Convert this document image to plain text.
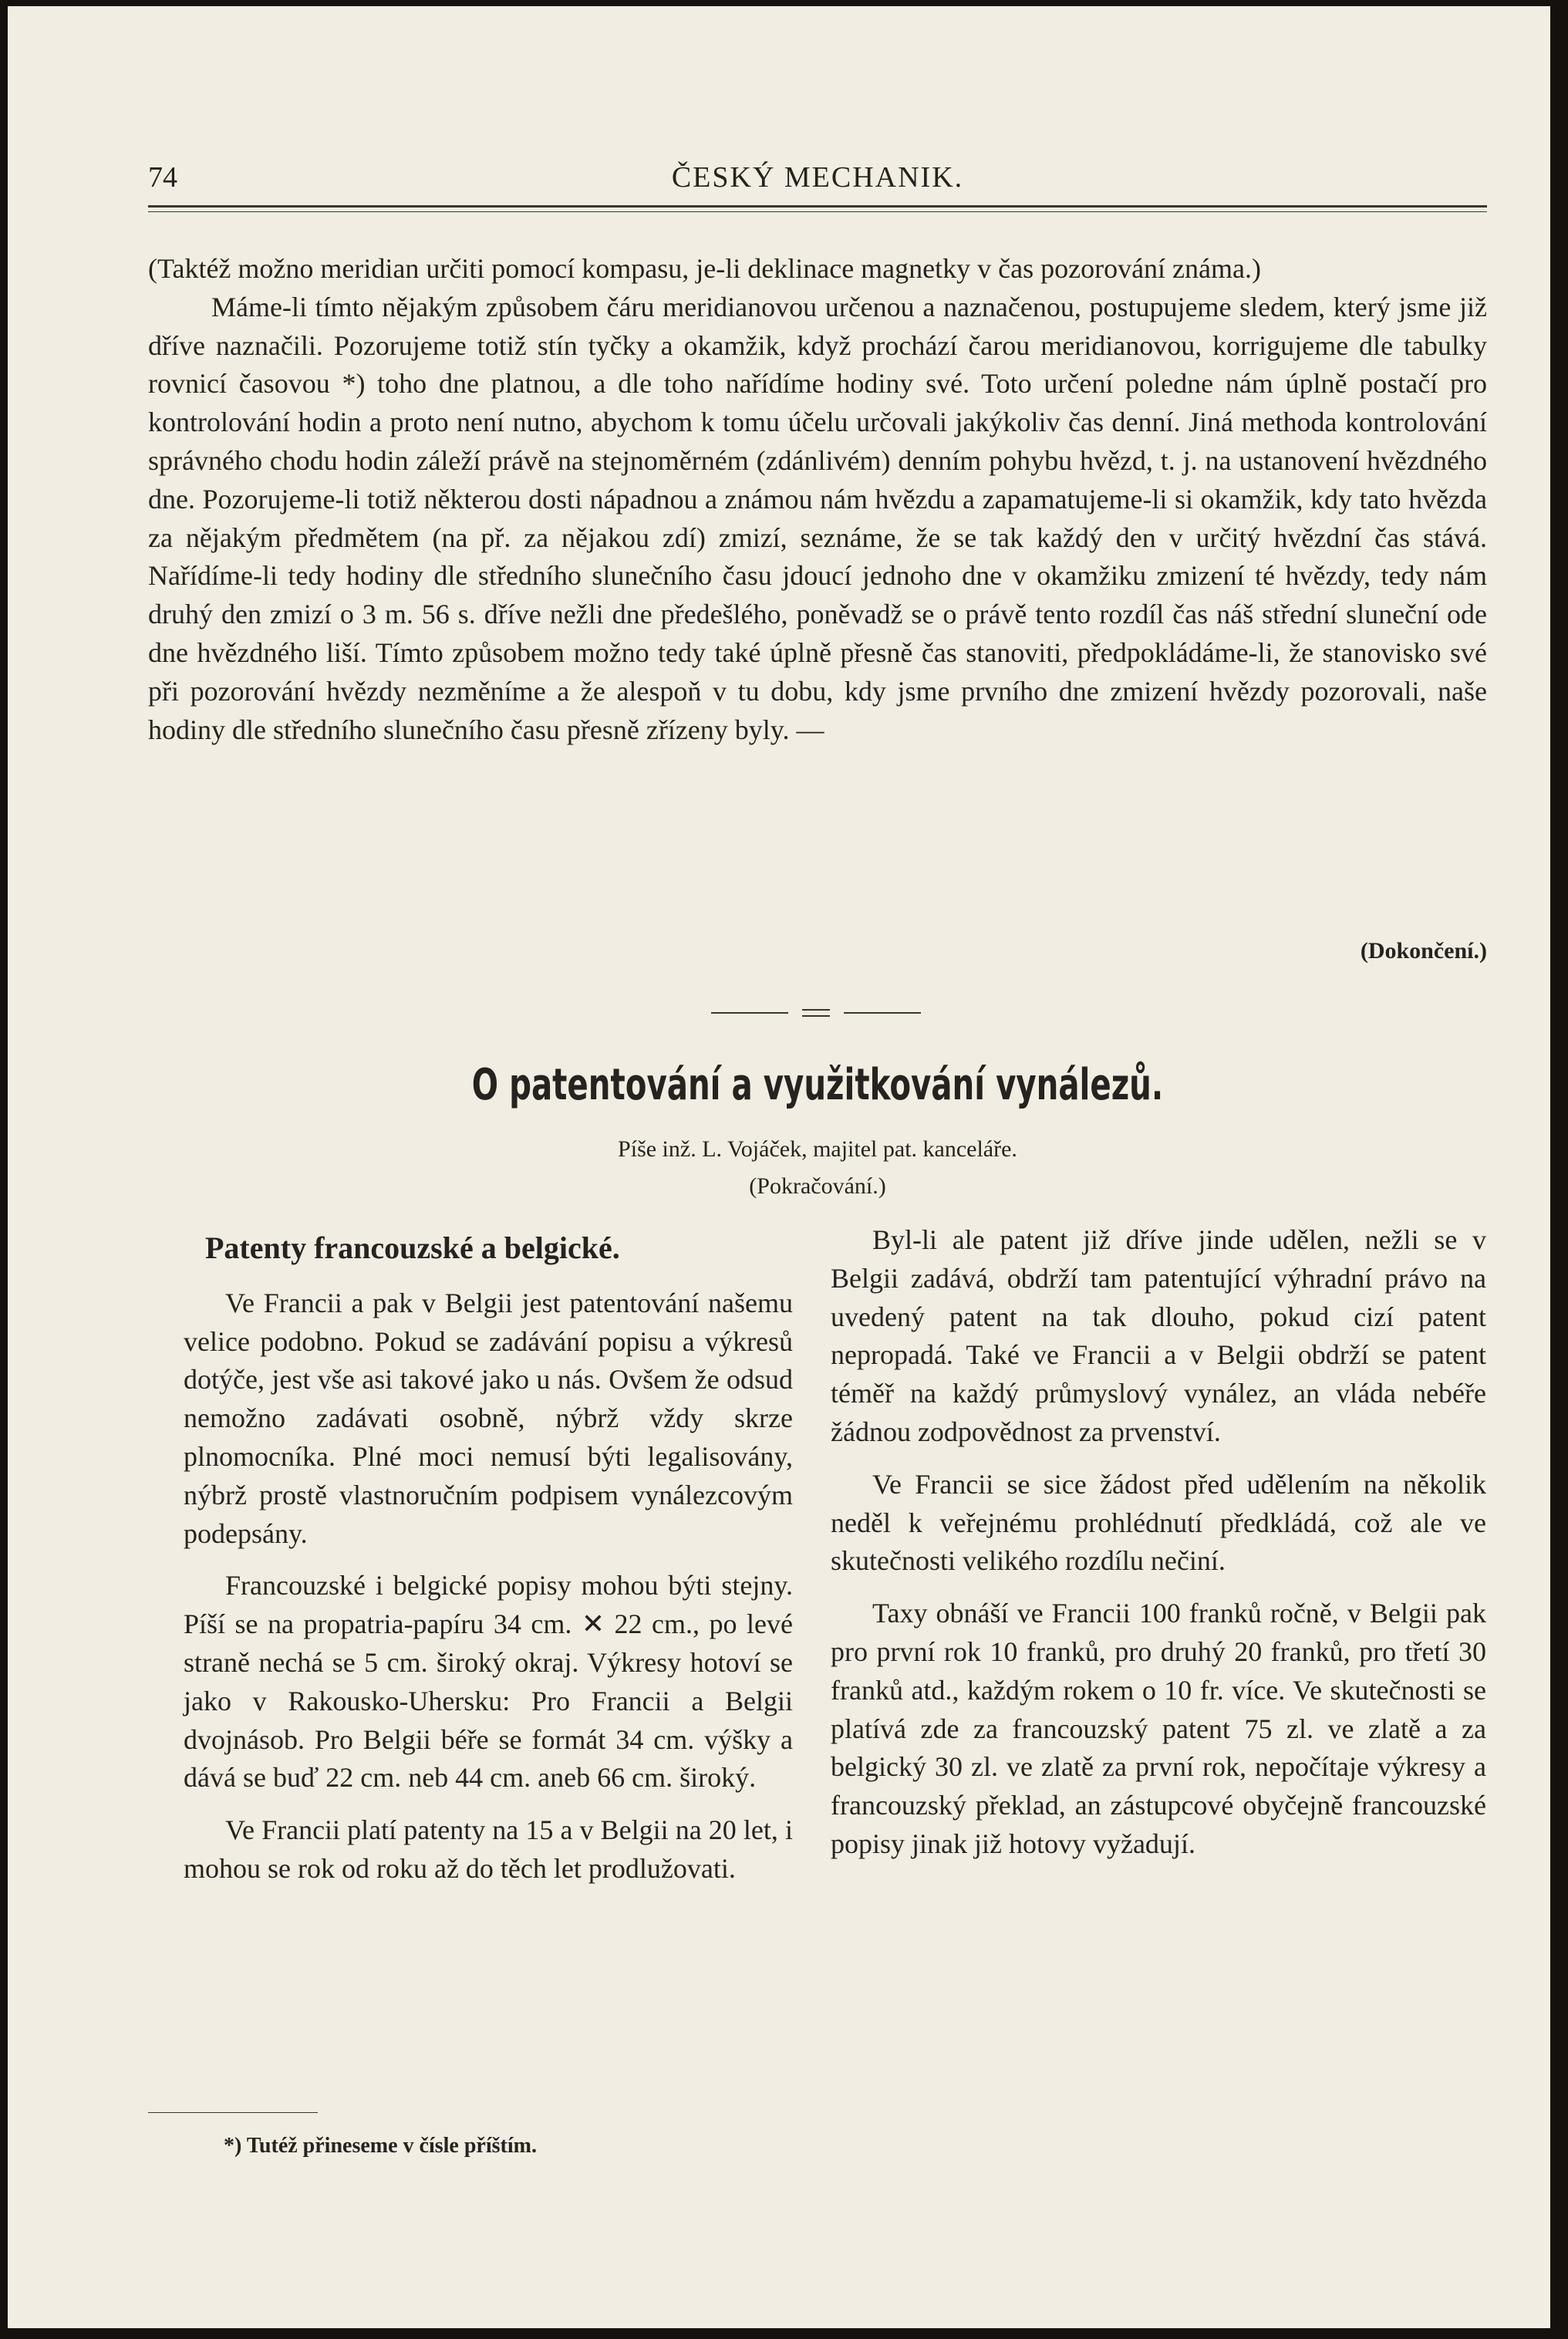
74	ČESKÝ MECHANIK.

(Taktéž možno meridian určiti pomocí kompasu, je-li deklinace magnetky v čas pozorování známa.)

Máme-li tímto nějakým způsobem čáru meridianovou určenou a naznačenou, postupujeme sledem, který jsme již dříve naznačili. Pozorujeme totiž stín tyčky a okamžik, když prochází čarou meridianovou, korrigujeme dle tabulky rovnicí časovou *) toho dne platnou, a dle toho nařídíme hodiny své. Toto určení poledne nám úplně postačí pro kontrolování hodin a proto není nutno, abychom k tomu účelu určovali jakýkoliv čas denní. Jiná methoda kontrolování správného chodu hodin záleží právě na stejnoměrném (zdánlivém) denním pohybu hvězd, t. j. na ustanovení hvězdného dne. Pozorujeme-li totiž některou dosti nápadnou a známou nám hvězdu a zapamatujeme-li si okamžik, kdy tato hvězda za nějakým předmětem (na př. za nějakou zdí) zmizí, seznáme, že se tak každý den v určitý hvězdní čas stává. Nařídíme-li tedy hodiny dle středního slunečního času jdoucí jednoho dne v okamžiku zmizení té hvězdy, tedy nám druhý den zmizí o 3 m. 56 s. dříve nežli dne předešlého, poněvadž se o právě tento rozdíl čas náš střední sluneční ode dne hvězdného liší. Tímto způsobem možno tedy také úplně přesně čas stanoviti, předpokládáme-li, že stanovisko své při pozorování hvězdy nezměníme a že alespoň v tu dobu, kdy jsme prvního dne zmizení hvězdy pozorovali, naše hodiny dle středního slunečního času přesně zřízeny byly. —

(Dokončení.)
O patentování a využitkování vynálezů.
Píše inž. L. Vojáček, majitel pat. kanceláře.
(Pokračování.)
Patenty francouzské a belgické.

Ve Francii a pak v Belgii jest patentování našemu velice podobno. Pokud se zadávání popisu a výkresů dotýče, jest vše asi takové jako u nás. Ovšem že odsud nemožno zadávati osobně, nýbrž vždy skrze plnomocníka. Plné moci nemusí býti legalisovány, nýbrž prostě vlastnoručním podpisem vynálezcovým podepsány.

Francouzské i belgické popisy mohou býti stejny. Píší se na propatria-papíru 34 cm. ✕ 22 cm., po levé straně nechá se 5 cm. široký okraj. Výkresy hotoví se jako v Rakousko-Uhersku: Pro Francii a Belgii dvojnásob. Pro Belgii béře se formát 34 cm. výšky a dává se buď 22 cm. neb 44 cm. aneb 66 cm. široký.

Ve Francii platí patenty na 15 a v Belgii na 20 let, i mohou se rok od roku až do těch let prodlužovati.

Byl-li ale patent již dříve jinde udělen, nežli se v Belgii zadává, obdrží tam patentující výhradní právo na uvedený patent na tak dlouho, pokud cizí patent nepropadá. Také ve Francii a v Belgii obdrží se patent téměř na každý průmyslový vynález, an vláda nebéře žádnou zodpovědnost za prvenství.

Ve Francii se sice žádost před udělením na několik neděl k veřejnému prohlédnutí předkládá, což ale ve skutečnosti velikého rozdílu nečiní.

Taxy obnáší ve Francii 100 franků ročně, v Belgii pak pro první rok 10 franků, pro druhý 20 franků, pro třetí 30 franků atd., každým rokem o 10 fr. více. Ve skutečnosti se platívá zde za francouzský patent 75 zl. ve zlatě a za belgický 30 zl. ve zlatě za první rok, nepočítaje výkresy a francouzský překlad, an zástupcové obyčejně francouzské popisy jinak již hotovy vyžadují.

*) Tutéž přineseme v čísle příštím.
